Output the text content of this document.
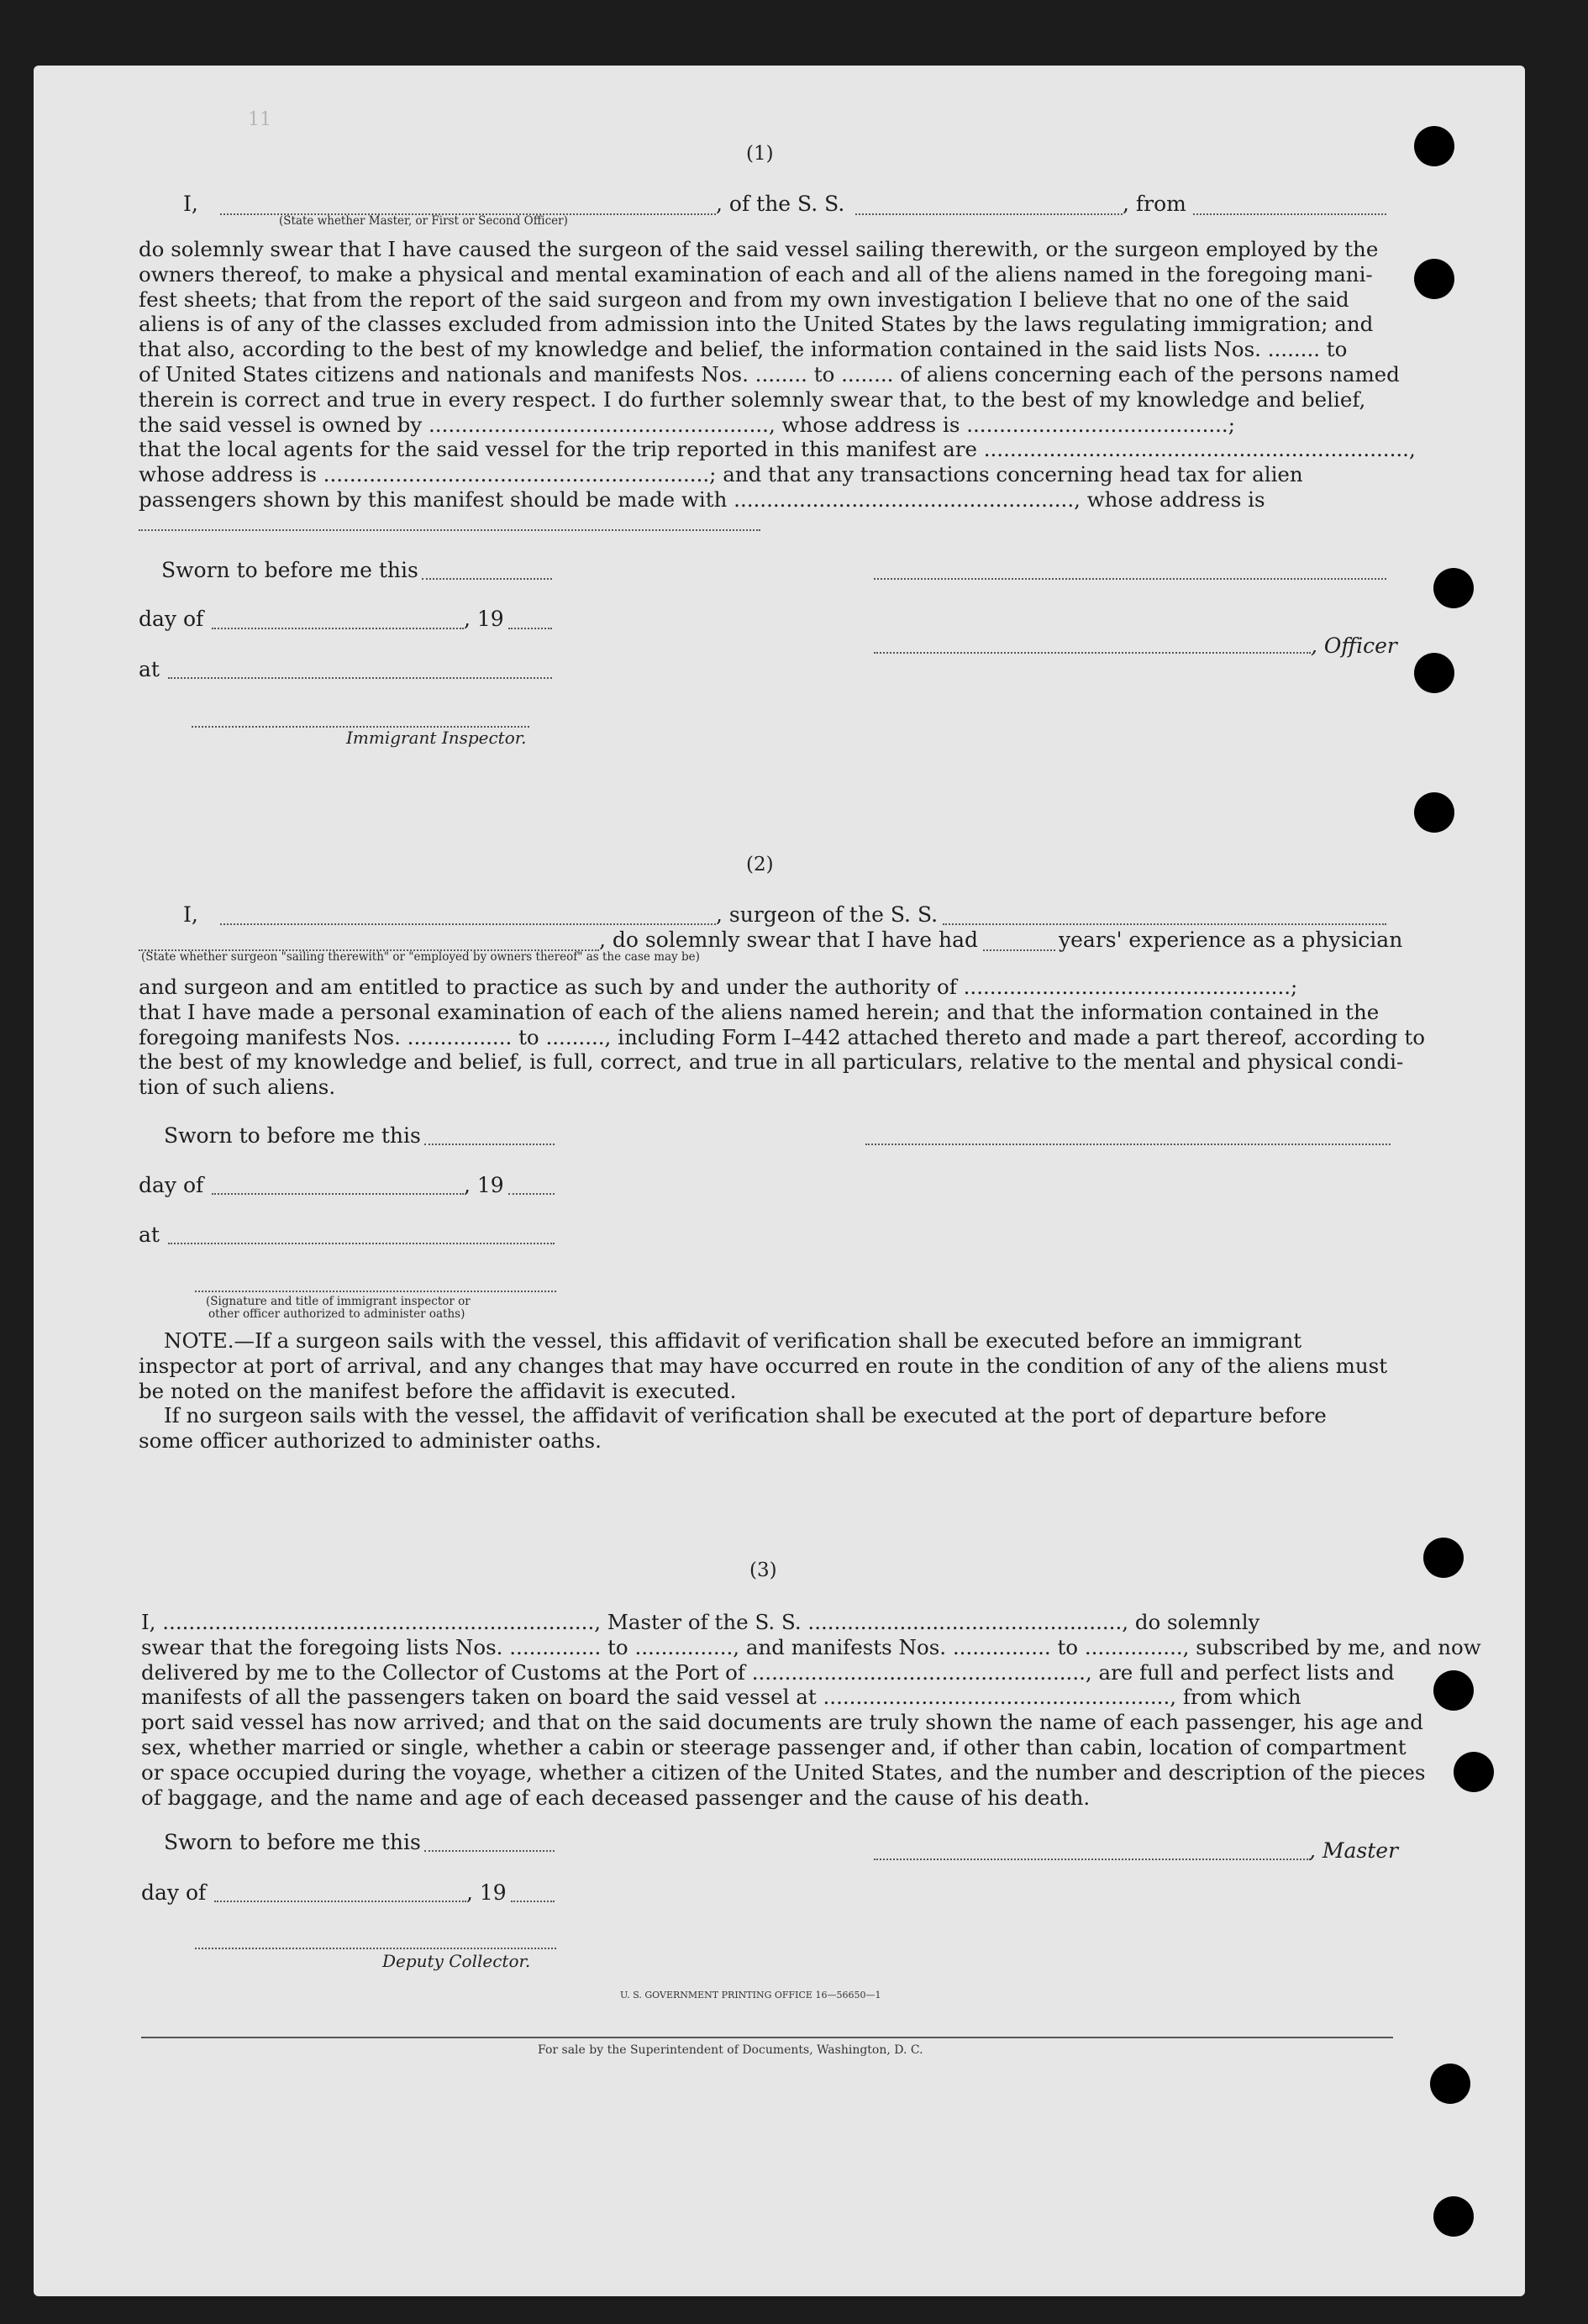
11
(1)
I,	, of the S. S.	, from
(State whether Master, or First or Second Officer)
do solemnly swear that I have caused the surgeon of the said vessel sailing therewith, or the surgeon employed by the
owners thereof, to make a physical and mental examination of each and all of the aliens named in the foregoing mani-
fest sheets; that from the report of the said surgeon and from my own investigation I believe that no one of the said
aliens is of any of the classes excluded from admission into the United States by the laws regulating immigration; and
that also, according to the best of my knowledge and belief, the information contained in the said lists Nos. ........ to
of United States citizens and nationals and manifests Nos. ........ to ........ of aliens concerning each of the persons named
therein is correct and true in every respect. I do further solemnly swear that, to the best of my knowledge and belief,
the said vessel is owned by ...................................................., whose address is ........................................;
that the local agents for the said vessel for the trip reported in this manifest are .................................................................,
whose address is ...........................................................; and that any transactions concerning head tax for alien
passengers shown by this manifest should be made with ...................................................., whose address is
Sworn to before me this
day of	, 19
, Officer
at
Immigrant Inspector.
(2)
I,	, surgeon of the S. S.
, do solemnly swear that I have had	years' experience as a physician
(State whether surgeon "sailing therewith" or "employed by owners thereof" as the case may be)
and surgeon and am entitled to practice as such by and under the authority of ..................................................;
that I have made a personal examination of each of the aliens named herein; and that the information contained in the
foregoing manifests Nos. ................ to ........., including Form I–442 attached thereto and made a part thereof, according to
the best of my knowledge and belief, is full, correct, and true in all particulars, relative to the mental and physical condi-
tion of such aliens.
Sworn to before me this
day of	, 19
at
(Signature and title of immigrant inspector or
other officer authorized to administer oaths)
NOTE.—If a surgeon sails with the vessel, this affidavit of verification shall be executed before an immigrant
inspector at port of arrival, and any changes that may have occurred en route in the condition of any of the aliens must
be noted on the manifest before the affidavit is executed.
If no surgeon sails with the vessel, the affidavit of verification shall be executed at the port of departure before
some officer authorized to administer oaths.
(3)
I, .................................................................., Master of the S. S. ................................................, do solemnly
swear that the foregoing lists Nos. .............. to ..............., and manifests Nos. ............... to ..............., subscribed by me, and now
delivered by me to the Collector of Customs at the Port of ..................................................., are full and perfect lists and
manifests of all the passengers taken on board the said vessel at ....................................................., from which
port said vessel has now arrived; and that on the said documents are truly shown the name of each passenger, his age and
sex, whether married or single, whether a cabin or steerage passenger and, if other than cabin, location of compartment
or space occupied during the voyage, whether a citizen of the United States, and the number and description of the pieces
of baggage, and the name and age of each deceased passenger and the cause of his death.
Sworn to before me this	, Master
day of	, 19
Deputy Collector.
U. S. GOVERNMENT PRINTING OFFICE 16—56650—1
For sale by the Superintendent of Documents, Washington, D. C.
